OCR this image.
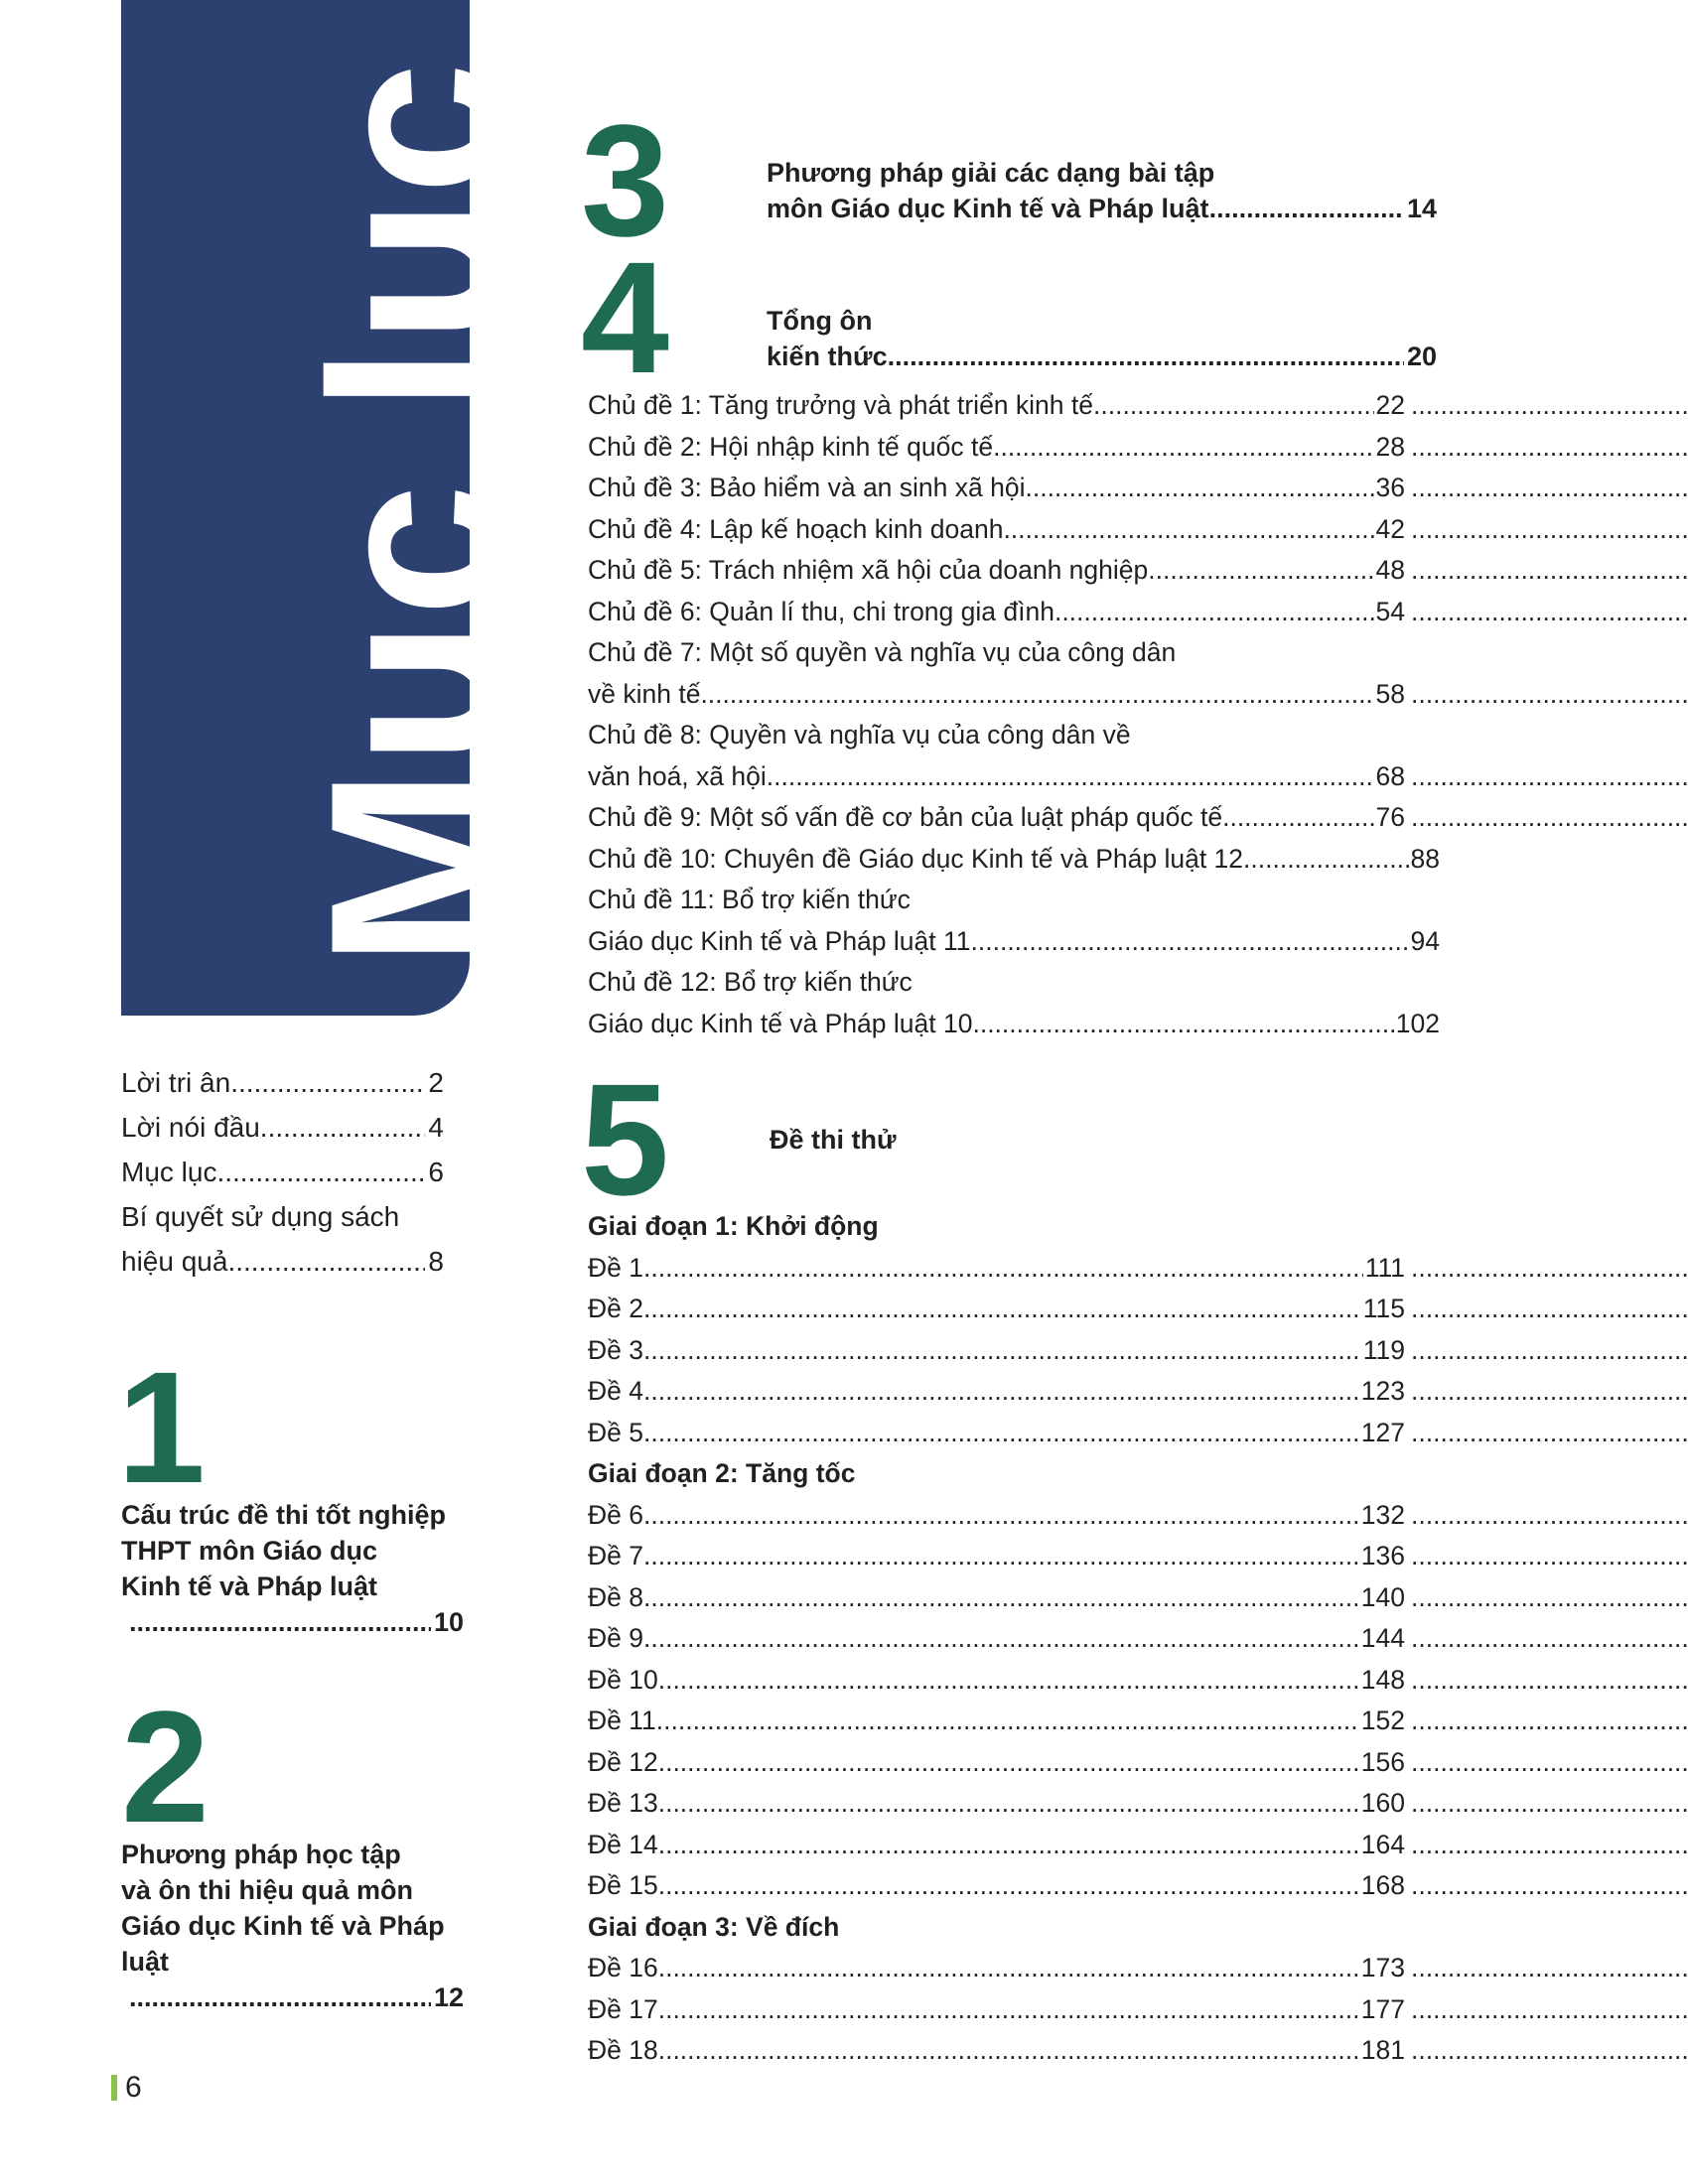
Mục lục
Lời tri ân .....	2
Lời nói đầu .....	4
Mục lục .....	6
Bí quyết sử dụng sách
hiệu quả .....	8
1
Cấu trúc đề thi tốt nghiệp
THPT môn Giáo dục
Kinh tế và Pháp luật
.....
10
2
Phương pháp học tập
và ôn thi hiệu quả môn
Giáo dục Kinh tế và Pháp luật
.....
12
3	Phương pháp giải các dạng bài tập
môn Giáo dục Kinh tế và Pháp luật .....	14
4	Tổng ôn
kiến thức .....	20
Chủ đề 1: Tăng trưởng và phát triển kinh tế .....	22
.....
Chủ đề 2: Hội nhập kinh tế quốc tế .....	28
.....
Chủ đề 3: Bảo hiểm và an sinh xã hội .....	36
.....
Chủ đề 4: Lập kế hoạch kinh doanh .....	42
.....
Chủ đề 5: Trách nhiệm xã hội của doanh nghiệp .....	48
.....
Chủ đề 6: Quản lí thu, chi trong gia đình .....	54
.....
Chủ đề 7: Một số quyền và nghĩa vụ của công dân
về kinh tế .....	58
.....
Chủ đề 8: Quyền và nghĩa vụ của công dân về
văn hoá, xã hội .....	68
.....
Chủ đề 9: Một số vấn đề cơ bản của luật pháp quốc tế .....	76
.....
Chủ đề 10: Chuyên đề Giáo dục Kinh tế và Pháp luật 12 .....	88
Chủ đề 11: Bổ trợ kiến thức
Giáo dục Kinh tế và Pháp luật 11 .....	94
Chủ đề 12: Bổ trợ kiến thức
Giáo dục Kinh tế và Pháp luật 10 .....	102
5	Đề thi thử
Giai đoạn 1: Khởi động
Đề 1 .....	111
.....
Đề 2 .....	115
.....
Đề 3 .....	119
.....
Đề 4 .....	123
.....
Đề 5 .....	127
.....
Giai đoạn 2: Tăng tốc
Đề 6 .....	132
.....
Đề 7 .....	136
.....
Đề 8 .....	140
.....
Đề 9 .....	144
.....
Đề 10 .....	148
.....
Đề 11 .....	152
.....
Đề 12 .....	156
.....
Đề 13 .....	160
.....
Đề 14 .....	164
.....
Đề 15 .....	168
.....
Giai đoạn 3: Về đích
Đề 16 .....	173
.....
Đề 17 .....	177
.....
Đề 18 .....	181
.....
6
